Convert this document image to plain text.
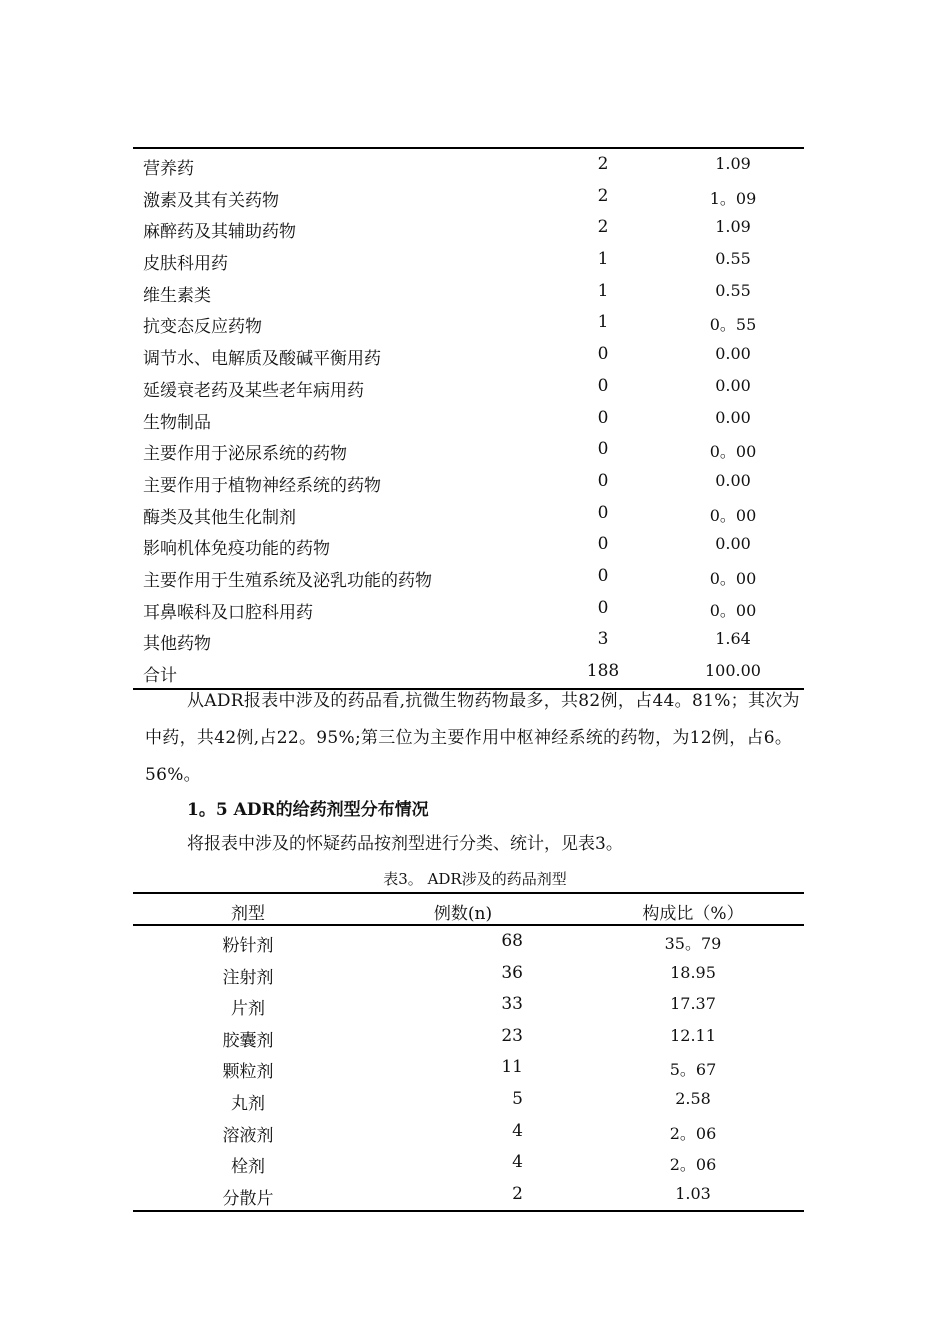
营养药	2	1.09
激素及其有关药物	2	1。09
麻醉药及其辅助药物	2	1.09
皮肤科用药	1	0.55
维生素类	1	0.55
抗变态反应药物	1	0。55
调节水、电解质及酸碱平衡用药	0	0.00
延缓衰老药及某些老年病用药	0	0.00
生物制品	0	0.00
主要作用于泌尿系统的药物	0	0。00
主要作用于植物神经系统的药物	0	0.00
酶类及其他生化制剂	0	0。00
影响机体免疫功能的药物	0	0.00
主要作用于生殖系统及泌乳功能的药物	0	0。00
耳鼻喉科及口腔科用药	0	0。00
其他药物	3	1.64
合计	188	100.00
从ADR报表中涉及的药品看,抗微生物药物最多，共82例，占44。81%；其次为中药，共42例,占22。95%;第三位为主要作用中枢神经系统的药物，为12例，占6。56%。
1。5 ADR的给药剂型分布情况
将报表中涉及的怀疑药品按剂型进行分类、统计，见表3。
表3。 ADR涉及的药品剂型
剂型	例数(n)	构成比（%）
粉针剂	68	35。79
注射剂	36	18.95
片剂	33	17.37
胶囊剂	23	12.11
颗粒剂	11	5。67
丸剂	5	2.58
溶液剂	4	2。06
栓剂	4	2。06
分散片	2	1.03
